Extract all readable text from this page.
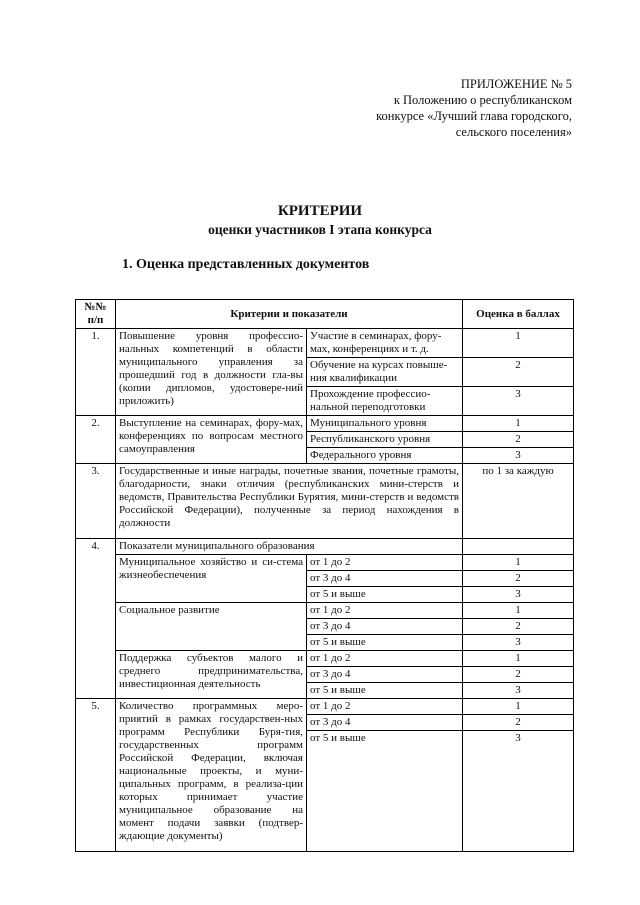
ПРИЛОЖЕНИЕ № 5
к Положению о республиканском
конкурсе «Лучший глава городского,
сельского поселения»
КРИТЕРИИ
оценки участников I этапа конкурса
1. Оценка представленных документов
№№
п/п	Критерии и показатели		Оценка в баллах
1.	Повышение уровня профессио-нальных компетенций в области муниципального управления за прошедший год в должности гла-вы (копии дипломов, удостовере-ний приложить)	Участие в семинарах, фору-мах, конференциях и т. д.	1
		Обучение на курсах повыше-ния квалификации	2
		Прохождение профессио-нальной переподготовки	3
2.	Выступление на семинарах, фору-мах, конференциях по вопросам местного самоуправления	Муниципального уровня	1
		Республиканского уровня	2
		Федерального уровня	3
3.	Государственные и иные награды, почетные звания, почетные грамоты, благодарности, знаки отличия (республиканских мини-стерств и ведомств, Правительства Республики Бурятия, мини-стерств и ведомств Российской Федерации), полученные за период нахождения в должности		по 1 за каждую
4.	Показатели муниципального образования		
	Муниципальное хозяйство и си-стема жизнеобеспечения	от 1 до 2	1
		от 3 до 4	2
		от 5 и выше	3
	Социальное развитие	от 1 до 2	1
		от 3 до 4	2
		от 5 и выше	3
	Поддержка субъектов малого и среднего предпринимательства, инвестиционная деятельность	от 1 до 2	1
		от 3 до 4	2
		от 5 и выше	3
5.	Количество программных меро-приятий в рамках государствен-ных программ Республики Буря-тия, государственных программ Российской Федерации, включая национальные проекты, и муни-ципальных программ, в реализа-ции которых принимает участие муниципальное образование на момент подачи заявки (подтвер-ждающие документы)	от 1 до 2	1
		от 3 до 4	2
		от 5 и выше	3
